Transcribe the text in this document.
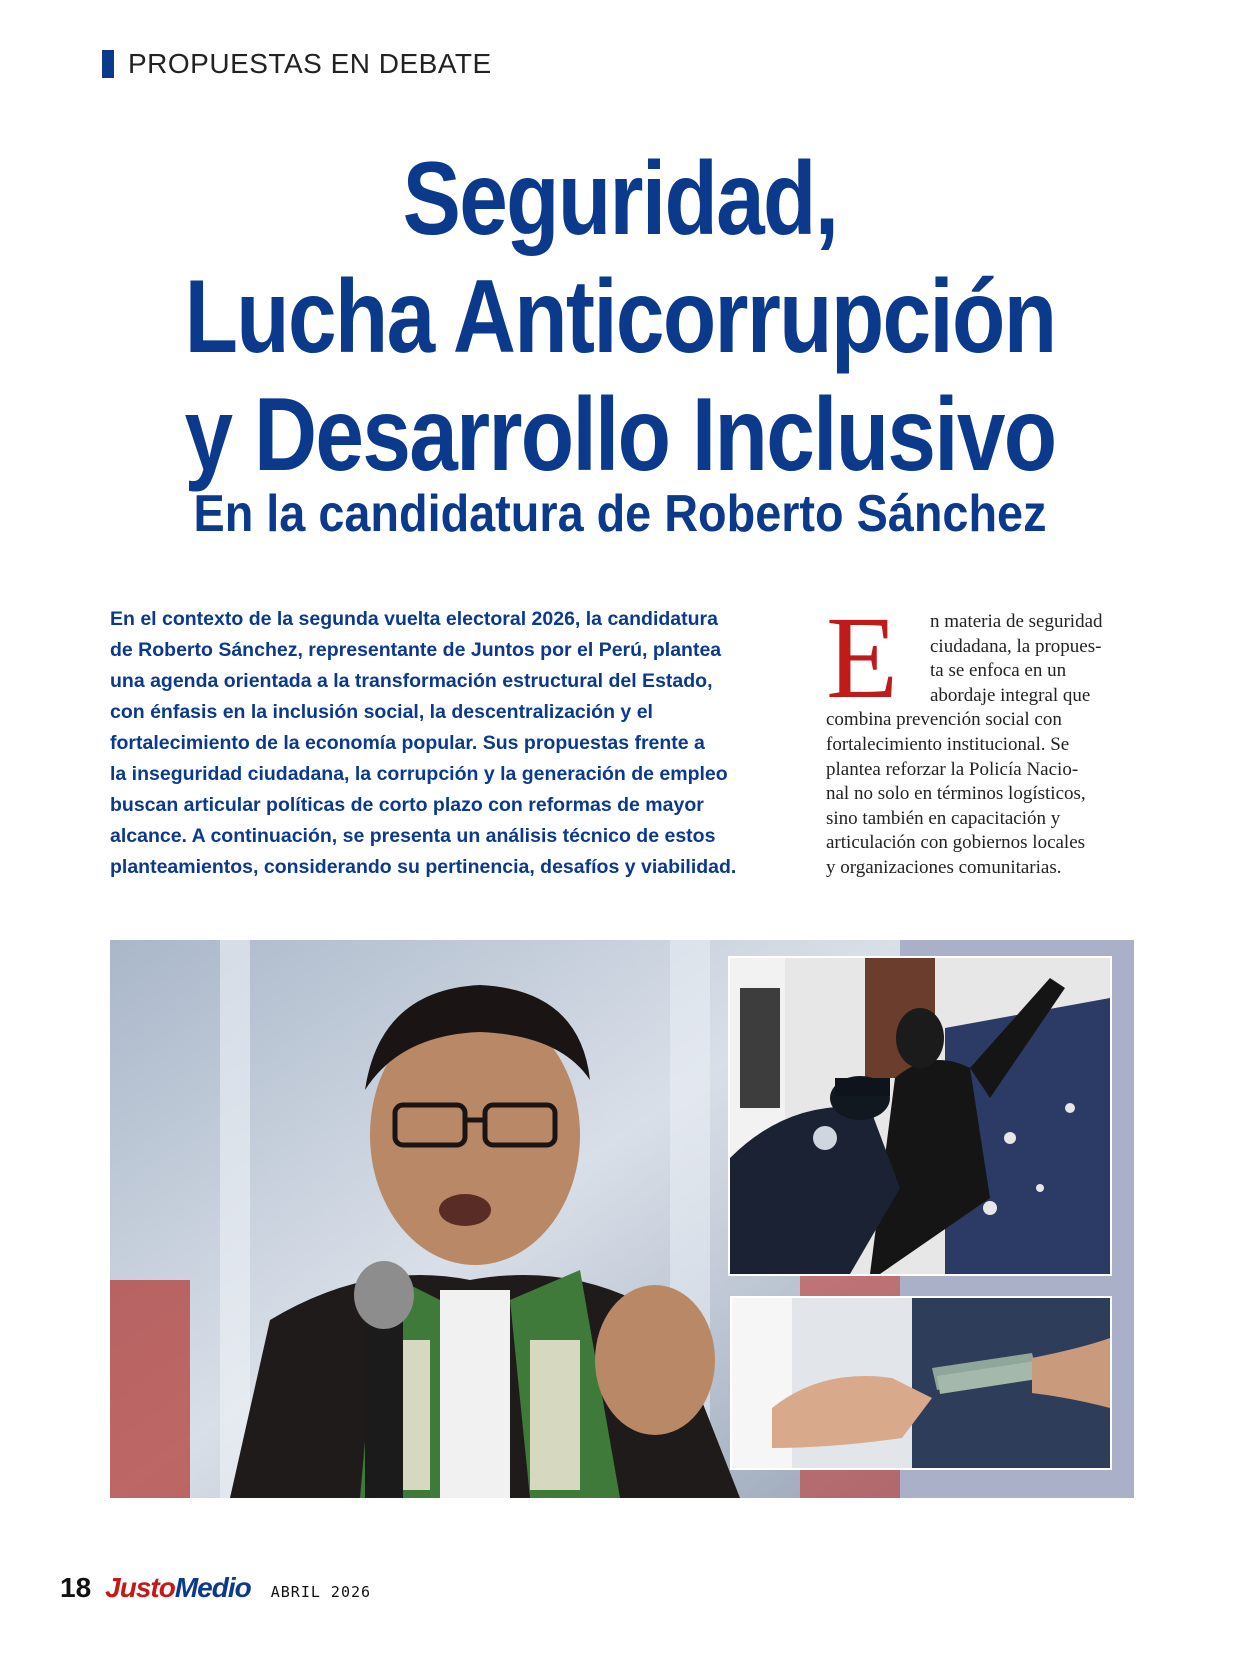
PROPUESTAS EN DEBATE
Seguridad,
Lucha Anticorrupción
y Desarrollo Inclusivo
En la candidatura de Roberto Sánchez

En el contexto de la segunda vuelta electoral 2026, la candidatura
de Roberto Sánchez, representante de Juntos por el Perú, plantea
una agenda orientada a la transformación estructural del Estado,
con énfasis en la inclusión social, la descentralización y el
fortalecimiento de la economía popular. Sus propuestas frente a
la inseguridad ciudadana, la corrupción y la generación de empleo
buscan articular políticas de corto plazo con reformas de mayor
alcance. A continuación, se presenta un análisis técnico de estos
planteamientos, considerando su pertinencia, desafíos y viabilidad.

E	n materia de seguridad
ciudadana, la propues-
ta se enfoca en un
abordaje integral que
combina prevención social con
fortalecimiento institucional. Se
plantea reforzar la Policía Nacio-
nal no solo en términos logísticos,
sino también en capacitación y
articulación con gobiernos locales
y organizaciones comunitarias.
18 JustoMedio ABRIL 2026
